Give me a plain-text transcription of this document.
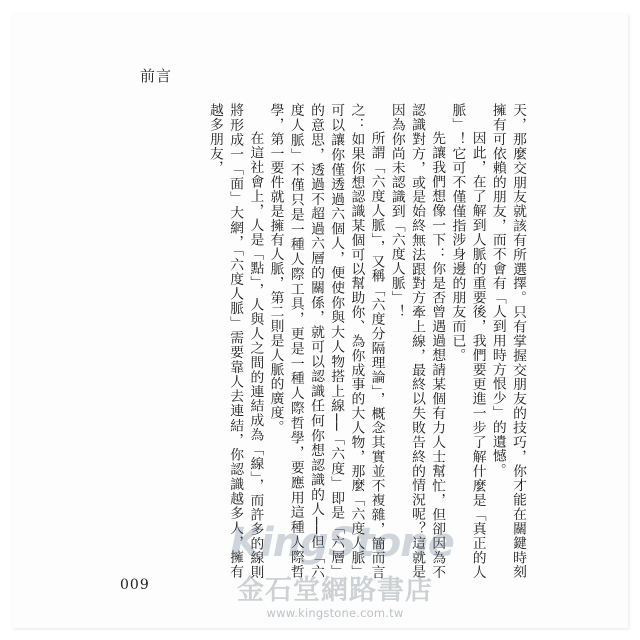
前言

天，那麼交朋友就該有所選擇。只有掌握交朋友的技巧，你才能在關鍵時刻擁有可依賴的朋友，而不會有「人到用時方恨少」的遺憾。

因此，在了解到人脈的重要後，我們要更進一步了解什麼是「真正的人脈」！它可不僅僅指涉身邊的朋友而已。

先讓我們想像一下：你是否曾遇過想請某個有力人士幫忙，但卻因為不認識對方，或是始終無法跟對方牽上線，最終以失敗告終的情況呢？這就是因為你尚未認識到「六度人脈」！

所謂「六度人脈」，又稱「六度分隔理論」，概念其實並不複雜，簡而言之：如果你想認識某個可以幫助你、為你成事的大人物，那麼「六度人脈」可以讓你僅透過六個人，便使你與大人物搭上線──「六度」即是「六層」的意思，透過不超過六層的關係，就可以認識任何你想認識的人──但「六度人脈」不僅只是一種人際工具，更是一種人際哲學，要應用這種人際哲學，第一要件就是擁有人脈，第二則是人脈的廣度。

在這社會上，人是「點」，人與人之間的連結成為「線」，而許多的線則將形成一「面」大網，「六度人脈」需要靠人去連結，你認識越多人，擁有越多朋友，

009
KingStone
金石堂網路書店
www.kingstone.com.tw
